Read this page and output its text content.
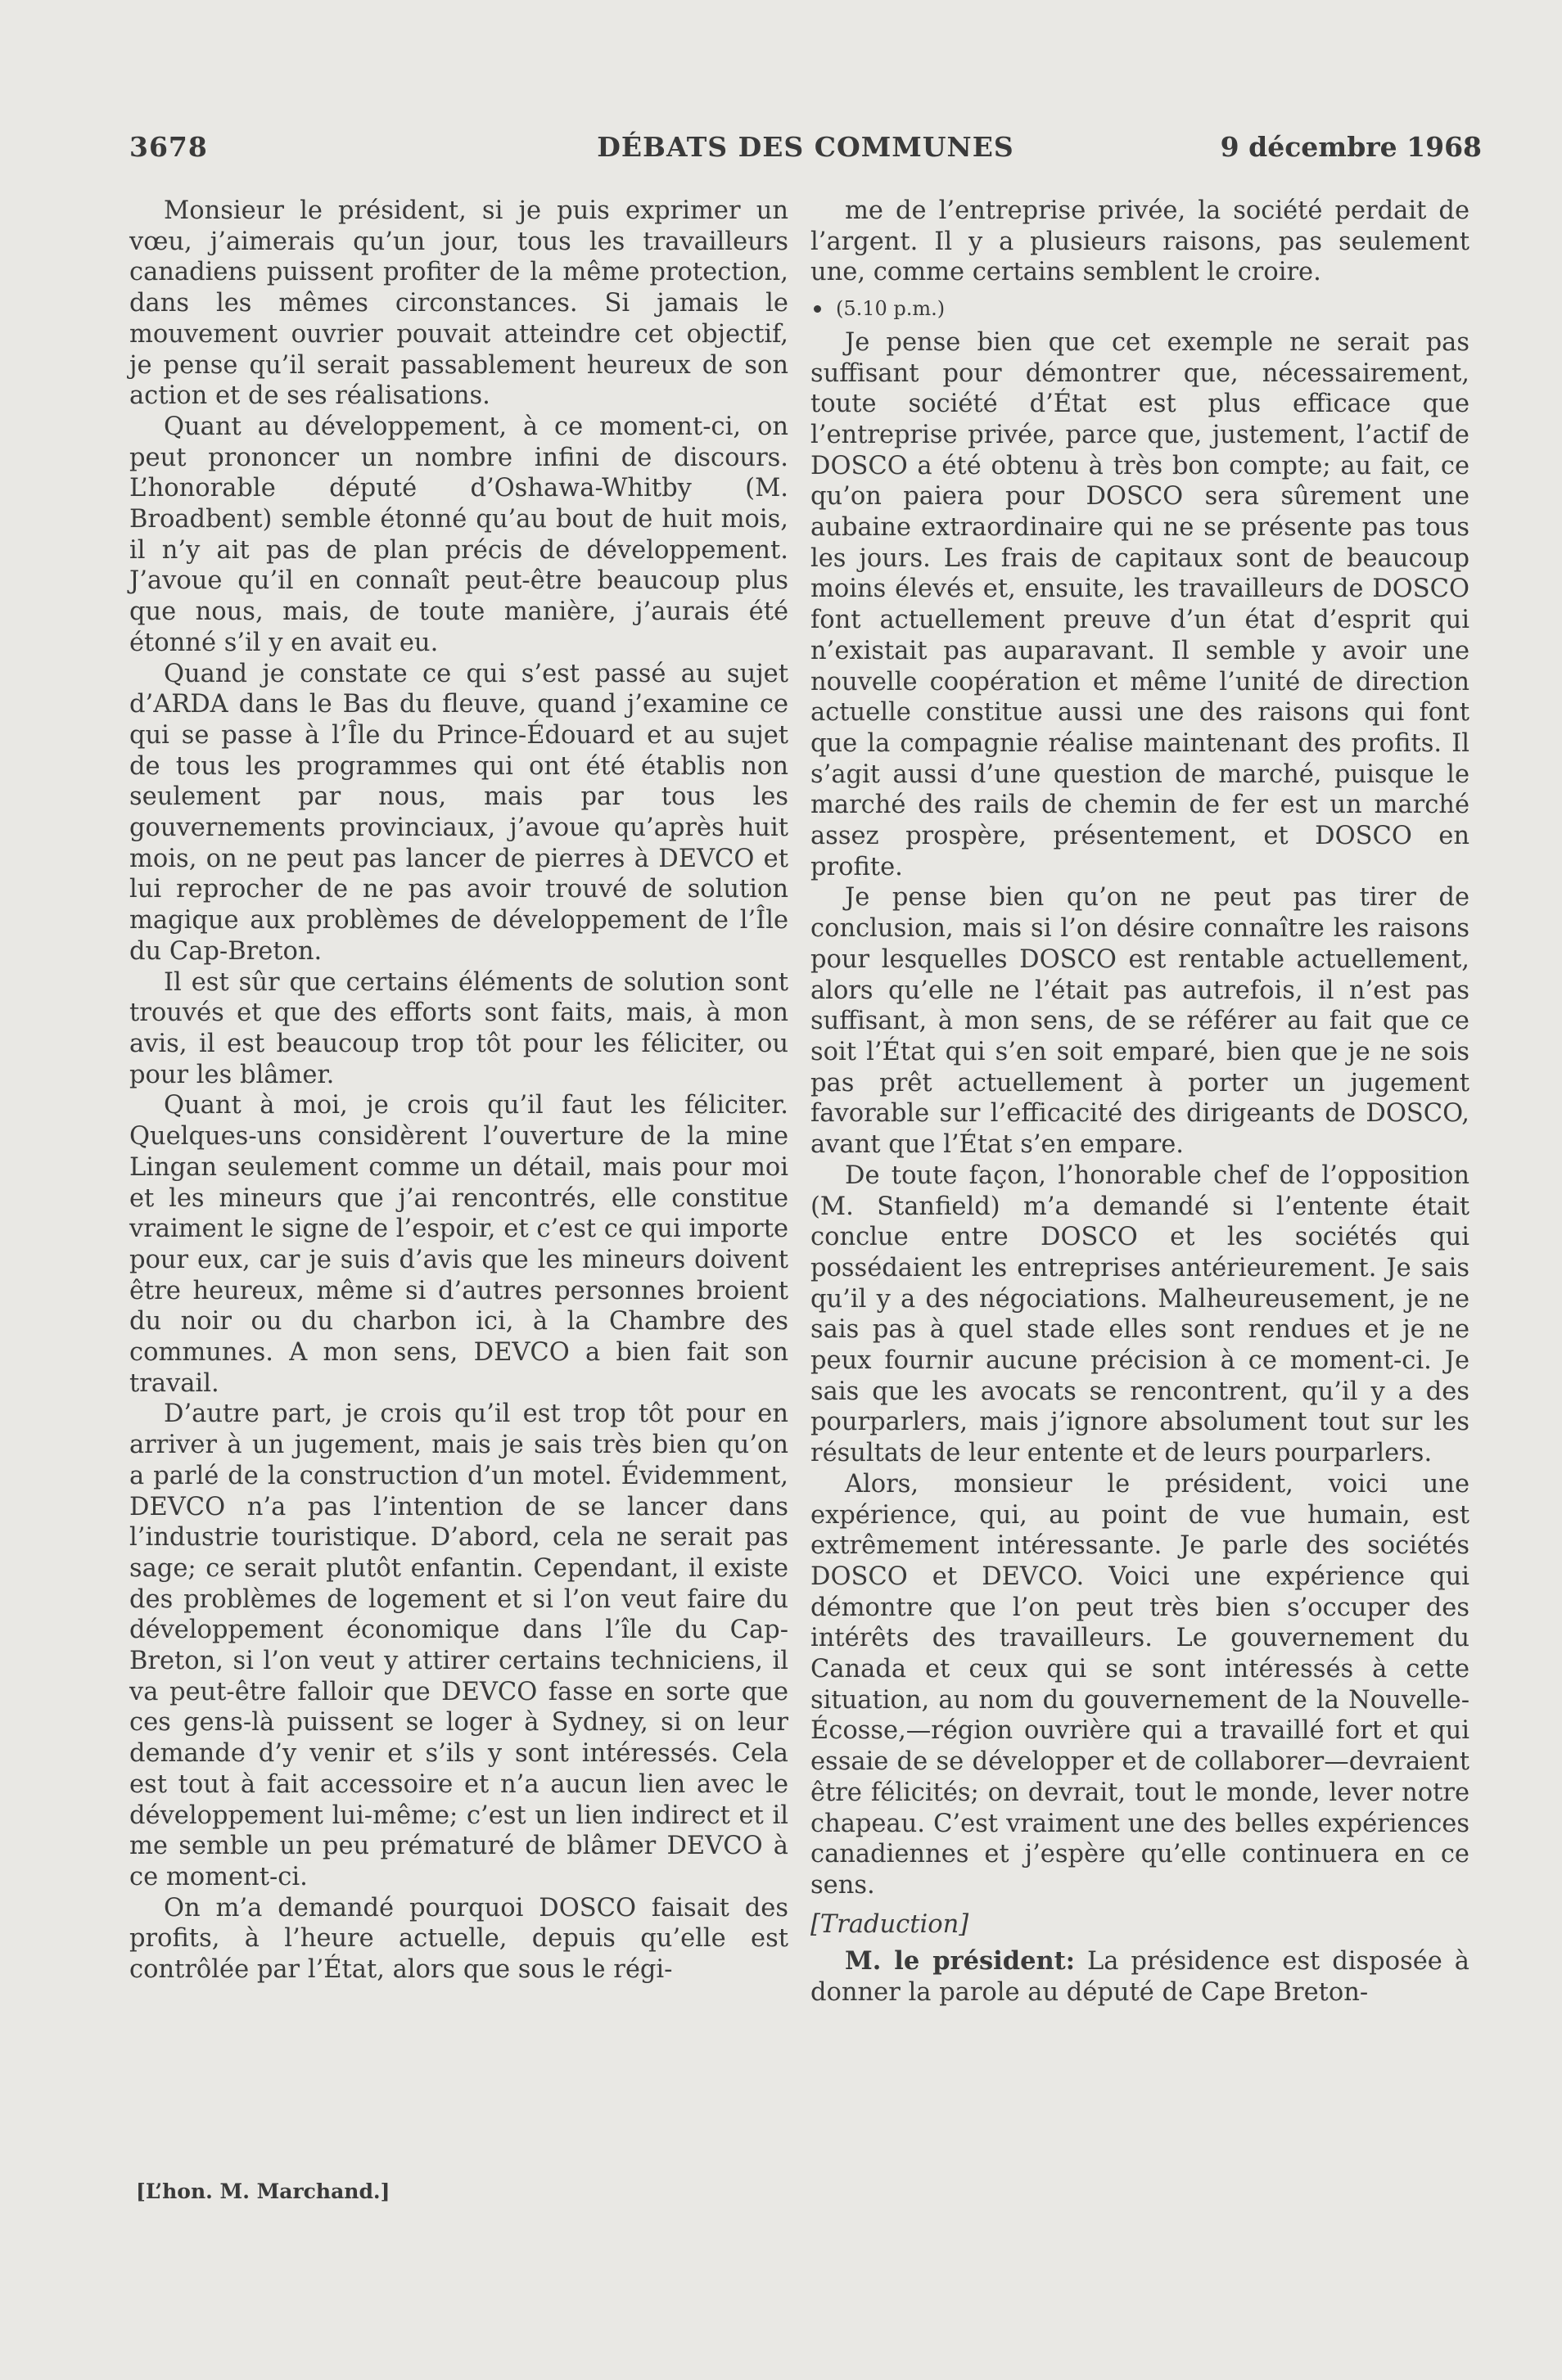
3678	DÉBATS DES COMMUNES	9 décembre 1968

Monsieur le président, si je puis exprimer un vœu, j’aimerais qu’un jour, tous les travailleurs canadiens puissent profiter de la même protection, dans les mêmes circonstances. Si jamais le mouvement ouvrier pouvait atteindre cet objectif, je pense qu’il serait passablement heureux de son action et de ses réalisations.

Quant au développement, à ce moment-ci, on peut prononcer un nombre infini de discours. L’honorable député d’Oshawa-Whitby (M. Broadbent) semble étonné qu’au bout de huit mois, il n’y ait pas de plan précis de développement. J’avoue qu’il en connaît peut-être beaucoup plus que nous, mais, de toute manière, j’aurais été étonné s’il y en avait eu.

Quand je constate ce qui s’est passé au sujet d’ARDA dans le Bas du fleuve, quand j’examine ce qui se passe à l’Île du Prince-Édouard et au sujet de tous les programmes qui ont été établis non seulement par nous, mais par tous les gouvernements provinciaux, j’avoue qu’après huit mois, on ne peut pas lancer de pierres à DEVCO et lui reprocher de ne pas avoir trouvé de solution magique aux problèmes de développement de l’Île du Cap-Breton.

Il est sûr que certains éléments de solution sont trouvés et que des efforts sont faits, mais, à mon avis, il est beaucoup trop tôt pour les féliciter, ou pour les blâmer.

Quant à moi, je crois qu’il faut les féliciter. Quelques-uns considèrent l’ouverture de la mine Lingan seulement comme un détail, mais pour moi et les mineurs que j’ai rencontrés, elle constitue vraiment le signe de l’espoir, et c’est ce qui importe pour eux, car je suis d’avis que les mineurs doivent être heureux, même si d’autres personnes broient du noir ou du charbon ici, à la Chambre des communes. A mon sens, DEVCO a bien fait son travail.

D’autre part, je crois qu’il est trop tôt pour en arriver à un jugement, mais je sais très bien qu’on a parlé de la construction d’un motel. Évidemment, DEVCO n’a pas l’intention de se lancer dans l’industrie touristique. D’abord, cela ne serait pas sage; ce serait plutôt enfantin. Cependant, il existe des problèmes de logement et si l’on veut faire du développement économique dans l’île du Cap-Breton, si l’on veut y attirer certains techniciens, il va peut-être falloir que DEVCO fasse en sorte que ces gens-là puissent se loger à Sydney, si on leur demande d’y venir et s’ils y sont intéressés. Cela est tout à fait accessoire et n’a aucun lien avec le développement lui-même; c’est un lien indirect et il me semble un peu prématuré de blâmer DEVCO à ce moment-ci.

On m’a demandé pourquoi DOSCO faisait des profits, à l’heure actuelle, depuis qu’elle est contrôlée par l’État, alors que sous le régi-

me de l’entreprise privée, la société perdait de l’argent. Il y a plusieurs raisons, pas seulement une, comme certains semblent le croire.

(5.10 p.m.)

Je pense bien que cet exemple ne serait pas suffisant pour démontrer que, nécessairement, toute société d’État est plus efficace que l’entreprise privée, parce que, justement, l’actif de DOSCO a été obtenu à très bon compte; au fait, ce qu’on paiera pour DOSCO sera sûrement une aubaine extraordinaire qui ne se présente pas tous les jours. Les frais de capitaux sont de beaucoup moins élevés et, ensuite, les travailleurs de DOSCO font actuellement preuve d’un état d’esprit qui n’existait pas auparavant. Il semble y avoir une nouvelle coopération et même l’unité de direction actuelle constitue aussi une des raisons qui font que la compagnie réalise maintenant des profits. Il s’agit aussi d’une question de marché, puisque le marché des rails de chemin de fer est un marché assez prospère, présentement, et DOSCO en profite.

Je pense bien qu’on ne peut pas tirer de conclusion, mais si l’on désire connaître les raisons pour lesquelles DOSCO est rentable actuellement, alors qu’elle ne l’était pas autrefois, il n’est pas suffisant, à mon sens, de se référer au fait que ce soit l’État qui s’en soit emparé, bien que je ne sois pas prêt actuellement à porter un jugement favorable sur l’efficacité des dirigeants de DOSCO, avant que l’État s’en empare.

De toute façon, l’honorable chef de l’opposition (M. Stanfield) m’a demandé si l’entente était conclue entre DOSCO et les sociétés qui possédaient les entreprises antérieurement. Je sais qu’il y a des négociations. Malheureusement, je ne sais pas à quel stade elles sont rendues et je ne peux fournir aucune précision à ce moment-ci. Je sais que les avocats se rencontrent, qu’il y a des pourparlers, mais j’ignore absolument tout sur les résultats de leur entente et de leurs pourparlers.

Alors, monsieur le président, voici une expérience, qui, au point de vue humain, est extrêmement intéressante. Je parle des sociétés DOSCO et DEVCO. Voici une expérience qui démontre que l’on peut très bien s’occuper des intérêts des travailleurs. Le gouvernement du Canada et ceux qui se sont intéressés à cette situation, au nom du gouvernement de la Nouvelle-Écosse,—région ouvrière qui a travaillé fort et qui essaie de se développer et de collaborer—devraient être félicités; on devrait, tout le monde, lever notre chapeau. C’est vraiment une des belles expériences canadiennes et j’espère qu’elle continuera en ce sens.

[Traduction]

M. le président: La présidence est disposée à donner la parole au député de Cape Breton-

[L’hon. M. Marchand.]
